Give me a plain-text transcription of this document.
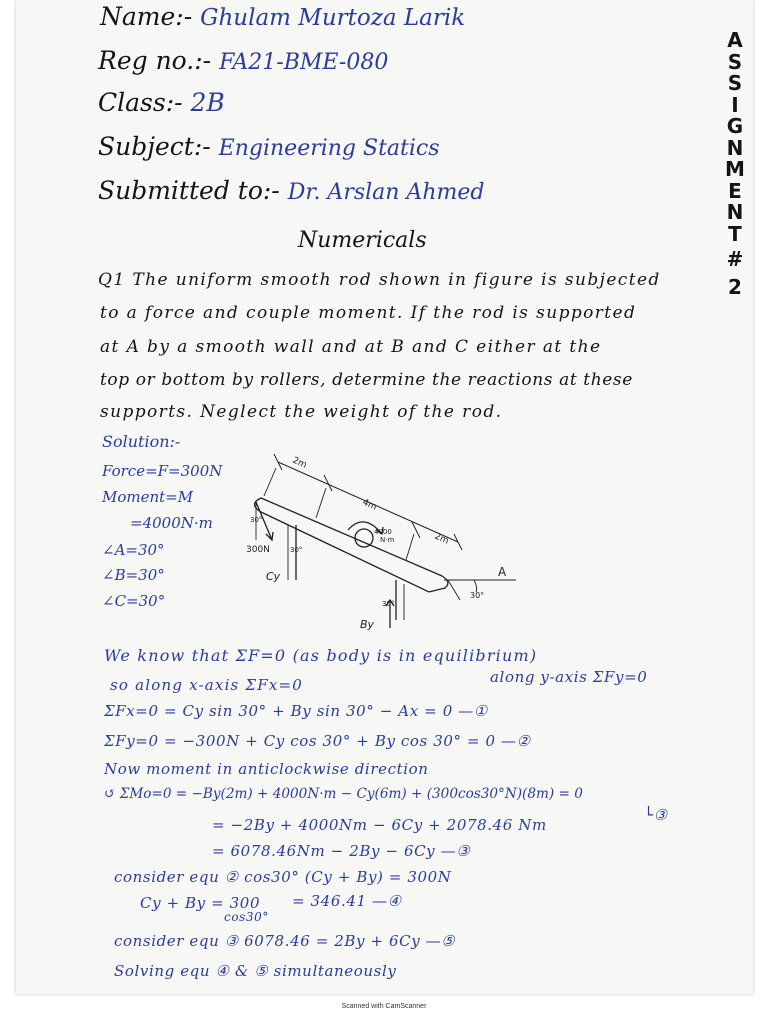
Name:- Ghulam Murtoza Larik
Reg no.:- FA21-BME-080
Class:- 2B
Subject:- Engineering Statics
Submitted to:- Dr. Arslan Ahmed
A
S
S
I
G
N
M
E
N
T
#
2
Numericals
Q1 The uniform smooth rod shown in figure is subjected
to a force and couple moment. If the rod is supported
at A by a smooth wall and at B and C either at the
top or bottom by rollers, determine the reactions at these
supports. Neglect the weight of the rod.
Solution:-
Force=F=300N
Moment=M
=4000N·m
∠A=30°
∠B=30°
∠C=30°
2m
4m
2m
4000
N·m
300N
30°
30°
30°
30°
Cy
By
A
We know that ΣF=0 (as body is in equilibrium)
so along x-axis ΣFx=0	along y-axis ΣFy=0
ΣFx=0 = Cy sin 30° + By sin 30° − Ax = 0 —①
ΣFy=0 = −300N + Cy cos 30° + By cos 30° = 0 —②
Now moment in anticlockwise direction
↺ ΣMo=0 = −By(2m) + 4000N·m − Cy(6m) + (300cos30°N)(8m) = 0
└③
= −2By + 4000Nm − 6Cy + 2078.46 Nm
= 6078.46Nm − 2By − 6Cy —③
consider equ ② cos30° (Cy + By) = 300N
Cy + By = 300
cos30°
= 346.41 —④
consider equ ③ 6078.46 = 2By + 6Cy —⑤
Solving equ ④ & ⑤ simultaneously
Scanned with CamScanner
